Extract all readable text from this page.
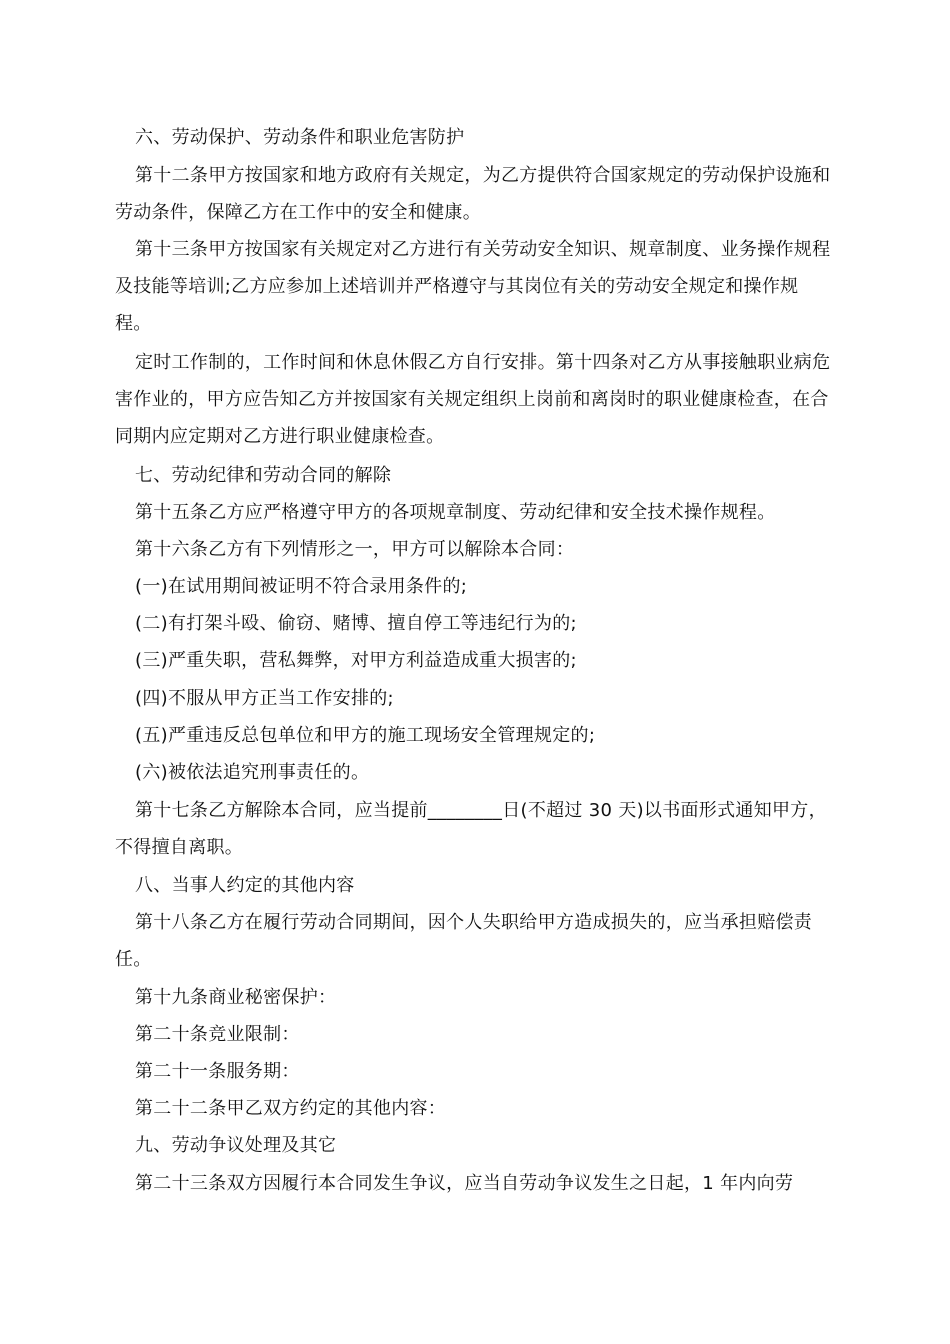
六、劳动保护、劳动条件和职业危害防护

第十二条甲方按国家和地方政府有关规定，为乙方提供符合国家规定的劳动保护设施和劳动条件，保障乙方在工作中的安全和健康。

第十三条甲方按国家有关规定对乙方进行有关劳动安全知识、规章制度、业务操作规程及技能等培训;乙方应参加上述培训并严格遵守与其岗位有关的劳动安全规定和操作规程。

定时工作制的，工作时间和休息休假乙方自行安排。第十四条对乙方从事接触职业病危害作业的，甲方应告知乙方并按国家有关规定组织上岗前和离岗时的职业健康检查，在合同期内应定期对乙方进行职业健康检查。

七、劳动纪律和劳动合同的解除

第十五条乙方应严格遵守甲方的各项规章制度、劳动纪律和安全技术操作规程。

第十六条乙方有下列情形之一，甲方可以解除本合同：

(一)在试用期间被证明不符合录用条件的;

(二)有打架斗殴、偷窃、赌博、擅自停工等违纪行为的;

(三)严重失职，营私舞弊，对甲方利益造成重大损害的;

(四)不服从甲方正当工作安排的;

(五)严重违反总包单位和甲方的施工现场安全管理规定的;

(六)被依法追究刑事责任的。

第十七条乙方解除本合同，应当提前________日(不超过 30 天)以书面形式通知甲方，不得擅自离职。

八、当事人约定的其他内容

第十八条乙方在履行劳动合同期间，因个人失职给甲方造成损失的，应当承担赔偿责任。

第十九条商业秘密保护：

第二十条竞业限制：

第二十一条服务期：

第二十二条甲乙双方约定的其他内容：

九、劳动争议处理及其它

第二十三条双方因履行本合同发生争议，应当自劳动争议发生之日起，1 年内向劳
